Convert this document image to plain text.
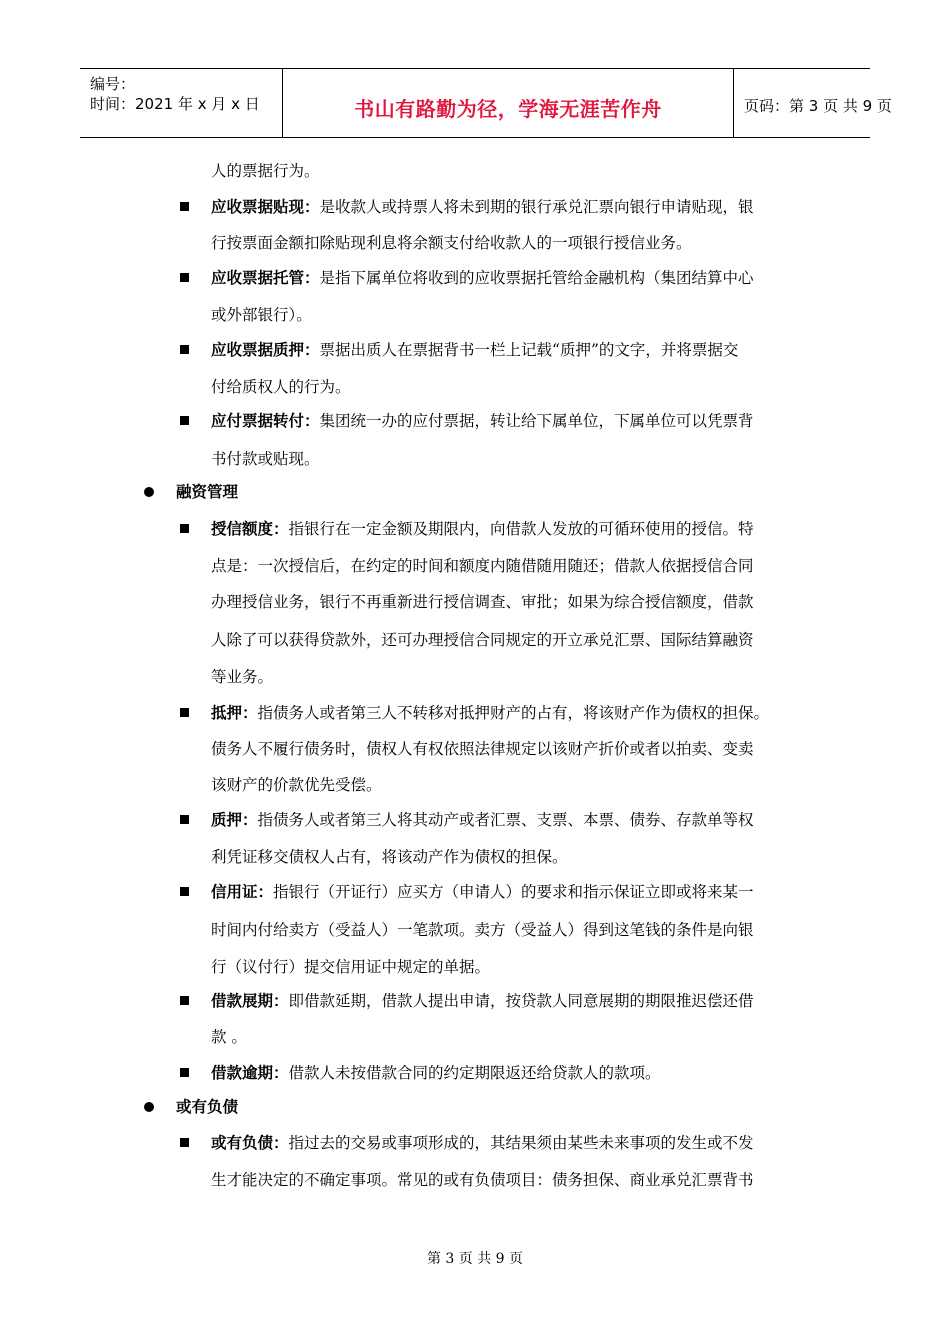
编号：
时间：2021 年 x 月 x 日	书山有路勤为径，学海无涯苦作舟	页码：第 3 页 共 9 页
人的票据行为。
应收票据贴现：是收款人或持票人将未到期的银行承兑汇票向银行申请贴现，银
行按票面金额扣除贴现利息将余额支付给收款人的一项银行授信业务。
应收票据托管：是指下属单位将收到的应收票据托管给金融机构（集团结算中心
或外部银行）。
应收票据质押：票据出质人在票据背书一栏上记载“质押”的文字，并将票据交
付给质权人的行为。
应付票据转付：集团统一办的应付票据，转让给下属单位，下属单位可以凭票背
书付款或贴现。
融资管理
授信额度：指银行在一定金额及期限内，向借款人发放的可循环使用的授信。特
点是：一次授信后，在约定的时间和额度内随借随用随还；借款人依据授信合同
办理授信业务，银行不再重新进行授信调查、审批；如果为综合授信额度，借款
人除了可以获得贷款外，还可办理授信合同规定的开立承兑汇票、国际结算融资
等业务。
抵押：指债务人或者第三人不转移对抵押财产的占有，将该财产作为债权的担保。
债务人不履行债务时，债权人有权依照法律规定以该财产折价或者以拍卖、变卖
该财产的价款优先受偿。
质押：指债务人或者第三人将其动产或者汇票、支票、本票、债券、存款单等权
利凭证移交债权人占有，将该动产作为债权的担保。
信用证：指银行（开证行）应买方（申请人）的要求和指示保证立即或将来某一
时间内付给卖方（受益人）一笔款项。卖方（受益人）得到这笔钱的条件是向银
行（议付行）提交信用证中规定的单据。
借款展期：即借款延期，借款人提出申请，按贷款人同意展期的期限推迟偿还借
款 。
借款逾期：借款人未按借款合同的约定期限返还给贷款人的款项。
或有负债
或有负债：指过去的交易或事项形成的，其结果须由某些未来事项的发生或不发
生才能决定的不确定事项。常见的或有负债项目：债务担保、商业承兑汇票背书
第 3 页 共 9 页
